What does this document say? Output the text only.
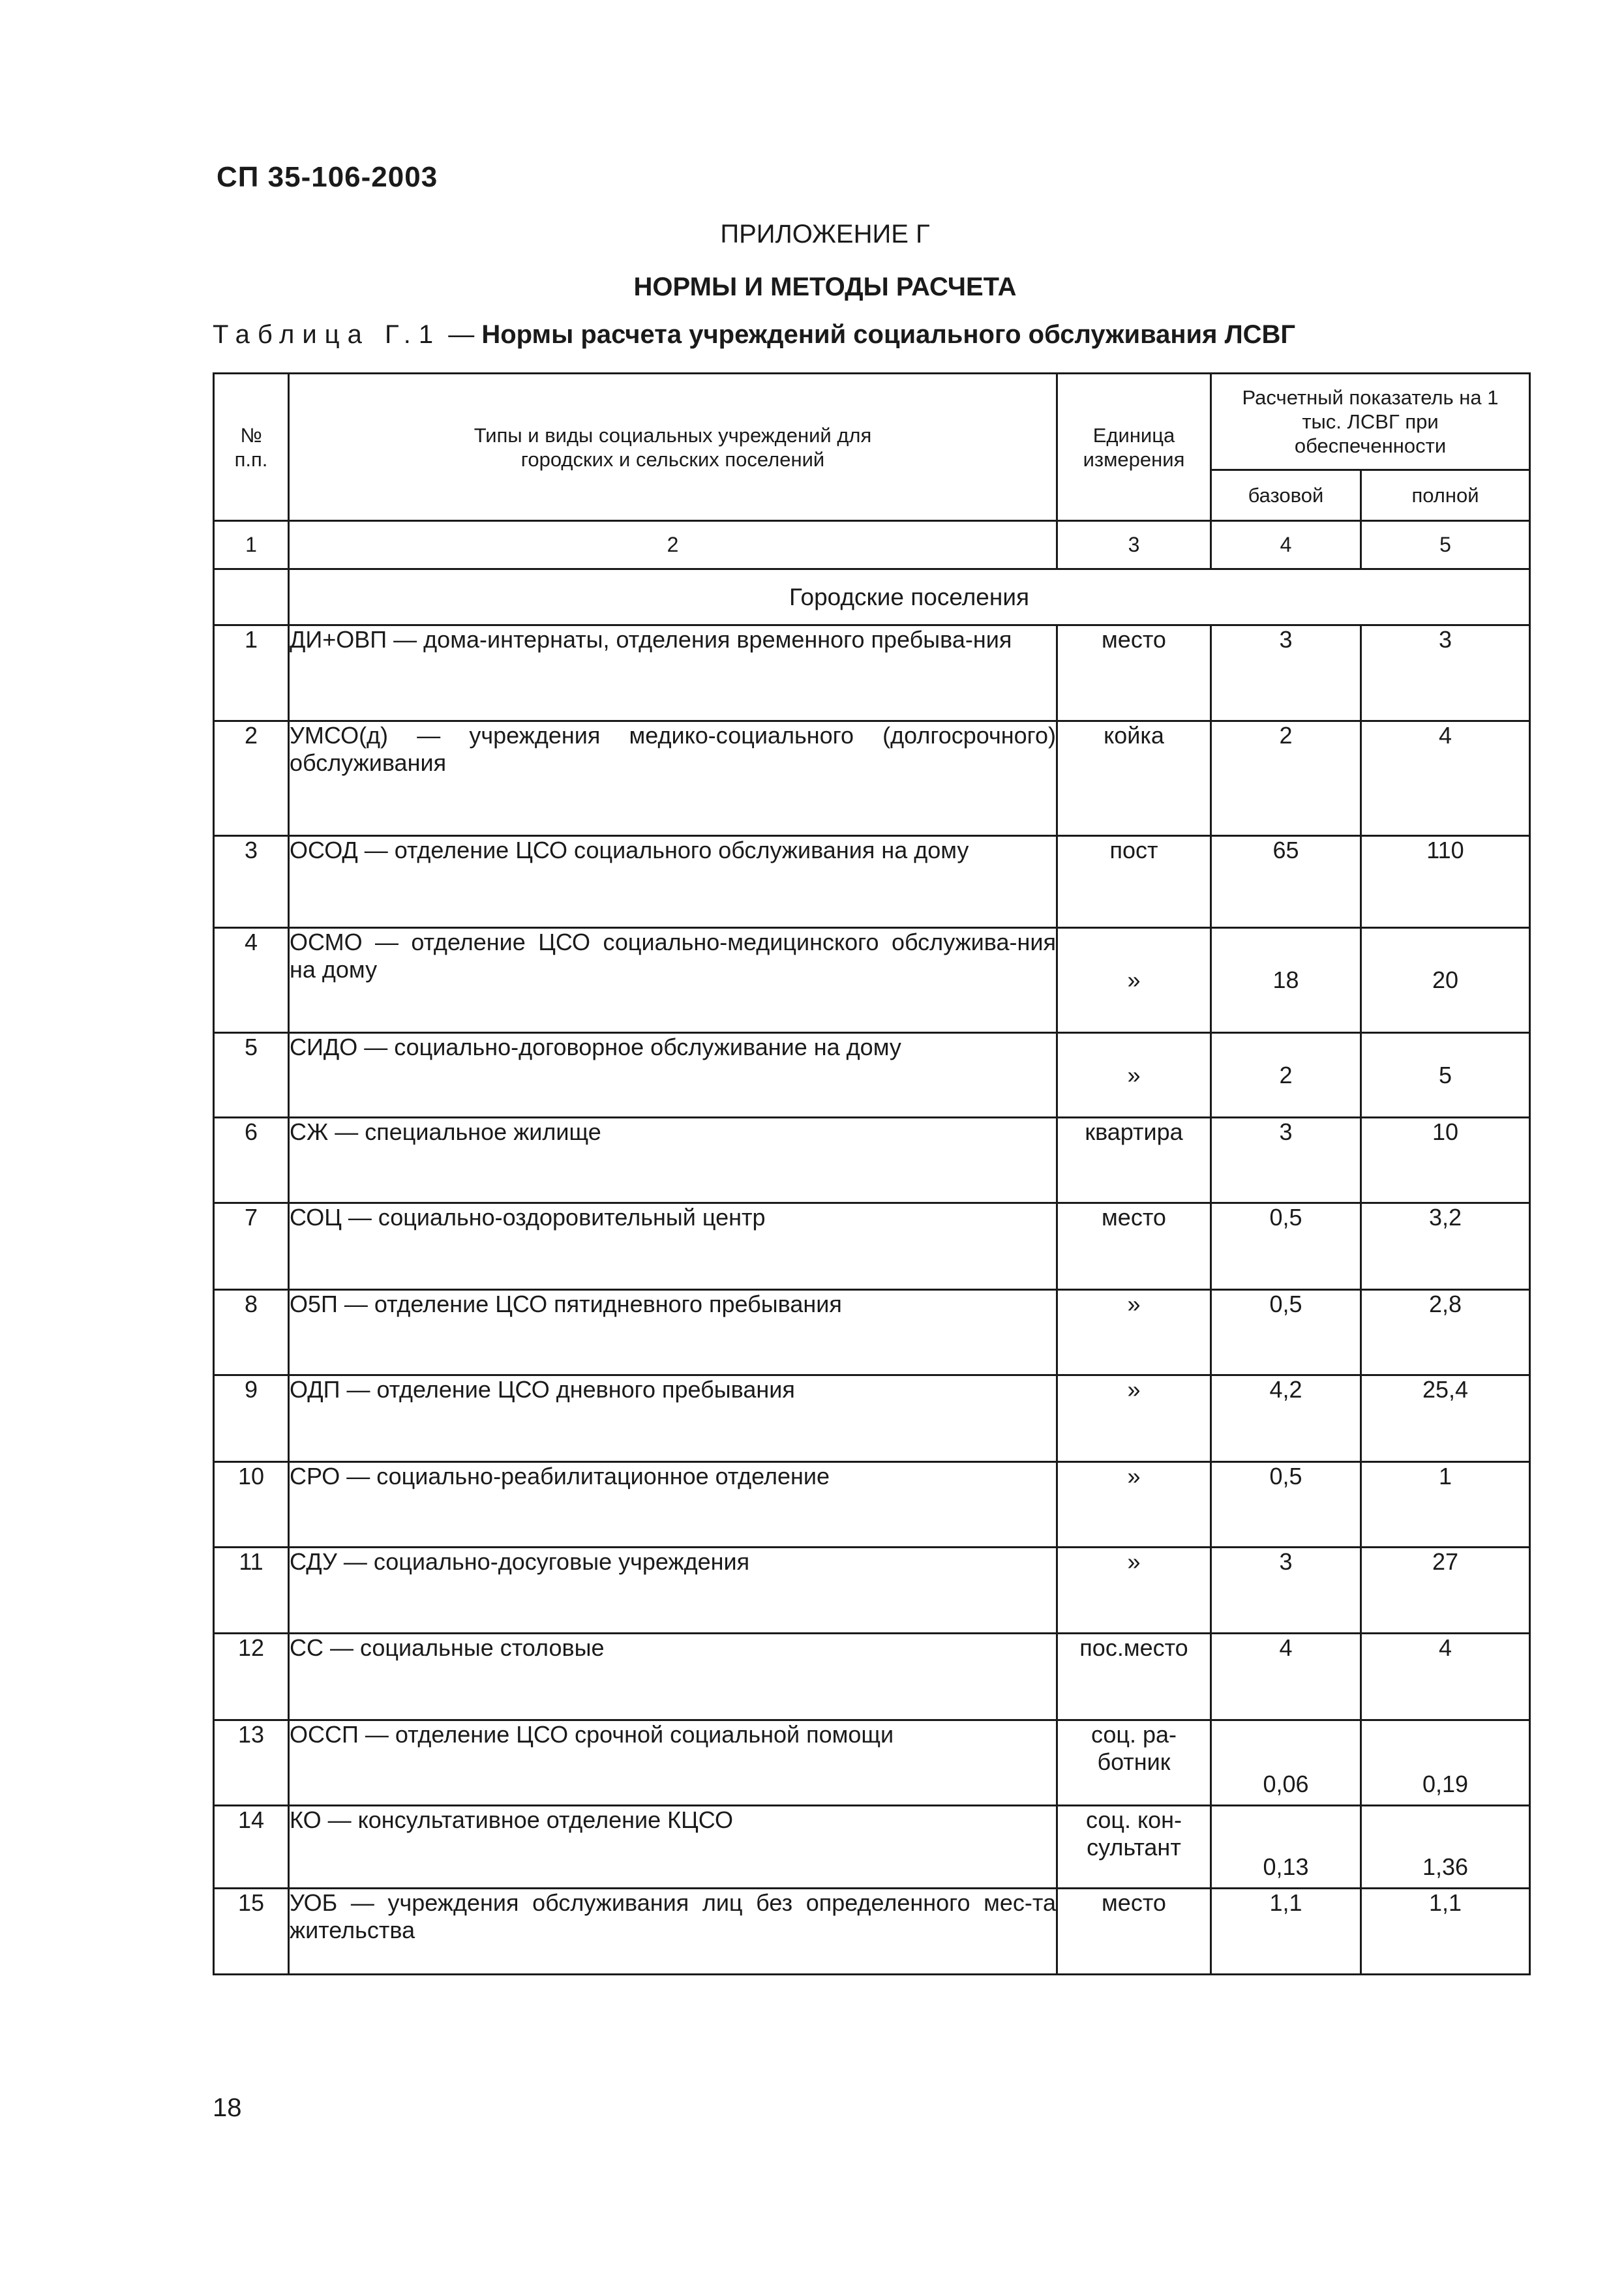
СП 35-106-2003
ПРИЛОЖЕНИЕ Г
НОРМЫ И МЕТОДЫ РАСЧЕТА
Таблица Г.1 — Нормы расчета учреждений социального обслуживания ЛСВГ
№ п.п.	Типы и виды социальных учреждений для городских и сельских поселений	Единица измерения	Расчетный показатель на 1 тыс. ЛСВГ при обеспеченности	
			базовой	полной
1	2	3	4	5
	Городские поселения			
1	ДИ+ОВП — дома-интернаты, отделения временного пребыва-ния	место	3	3
2	УМСО(д) — учреждения медико-социального (долгосрочного) обслуживания	койка	2	4
3	ОСОД — отделение ЦСО социального обслуживания на дому	пост	65	110
4	ОСМО — отделение ЦСО социально-медицинского обслужива-ния на дому	»	18	20
5	СИДО — социально-договорное обслуживание на дому	»	2	5
6	СЖ — специальное жилище	квартира	3	10
7	СОЦ — социально-оздоровительный центр	место	0,5	3,2
8	О5П — отделение ЦСО пятидневного пребывания	»	0,5	2,8
9	ОДП — отделение ЦСО дневного пребывания	»	4,2	25,4
10	СРО — социально-реабилитационное отделение	»	0,5	1
11	СДУ — социально-досуговые учреждения	»	3	27
12	СС — социальные столовые	пос.место	4	4
13	ОССП — отделение ЦСО срочной социальной помощи	соц. ра-ботник	0,06	0,19
14	КО — консультативное отделение КЦСО	соц. кон-сультант	0,13	1,36
15	УОБ — учреждения обслуживания лиц без определенного мес-та жительства	место	1,1	1,1
18
